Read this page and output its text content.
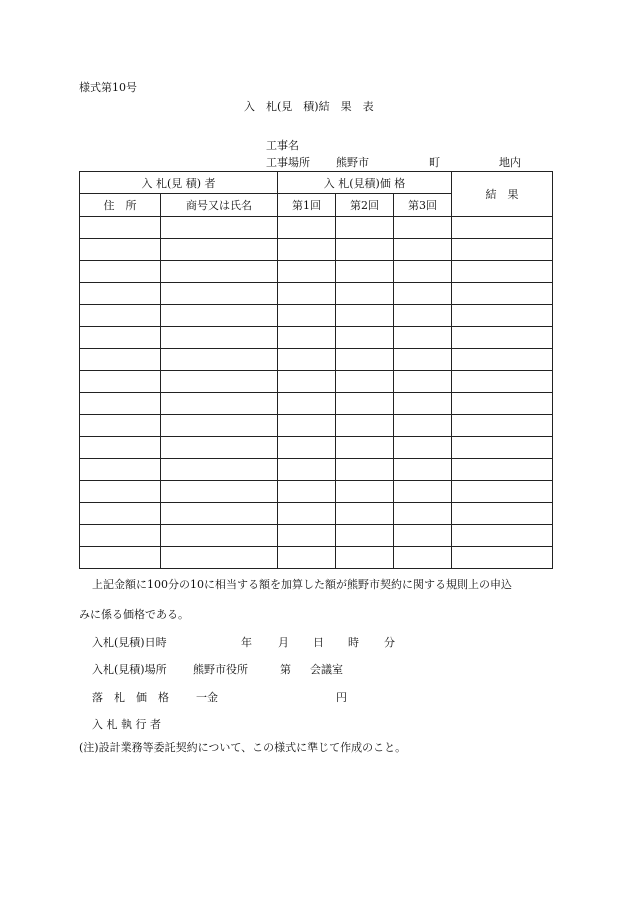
様式第10号
入　札(見　積)結　果　表
工事名
工事場所 熊野市	町	地内
入 札(見 積) 者		入 札(見積)価 格			結　果
住　所	商号又は氏名	第1回	第2回	第3回	

上記金額に100分の10に相当する額を加算した額が熊野市契約に関する規則上の申込
みに係る価格である。
入札(見積)日時	年 月 日 時 分
入札(見積)場所 熊野市役所	第 会議室
落　札　価　格 一金	円
入 札 執 行 者
(注)設計業務等委託契約について、この様式に準じて作成のこと。
